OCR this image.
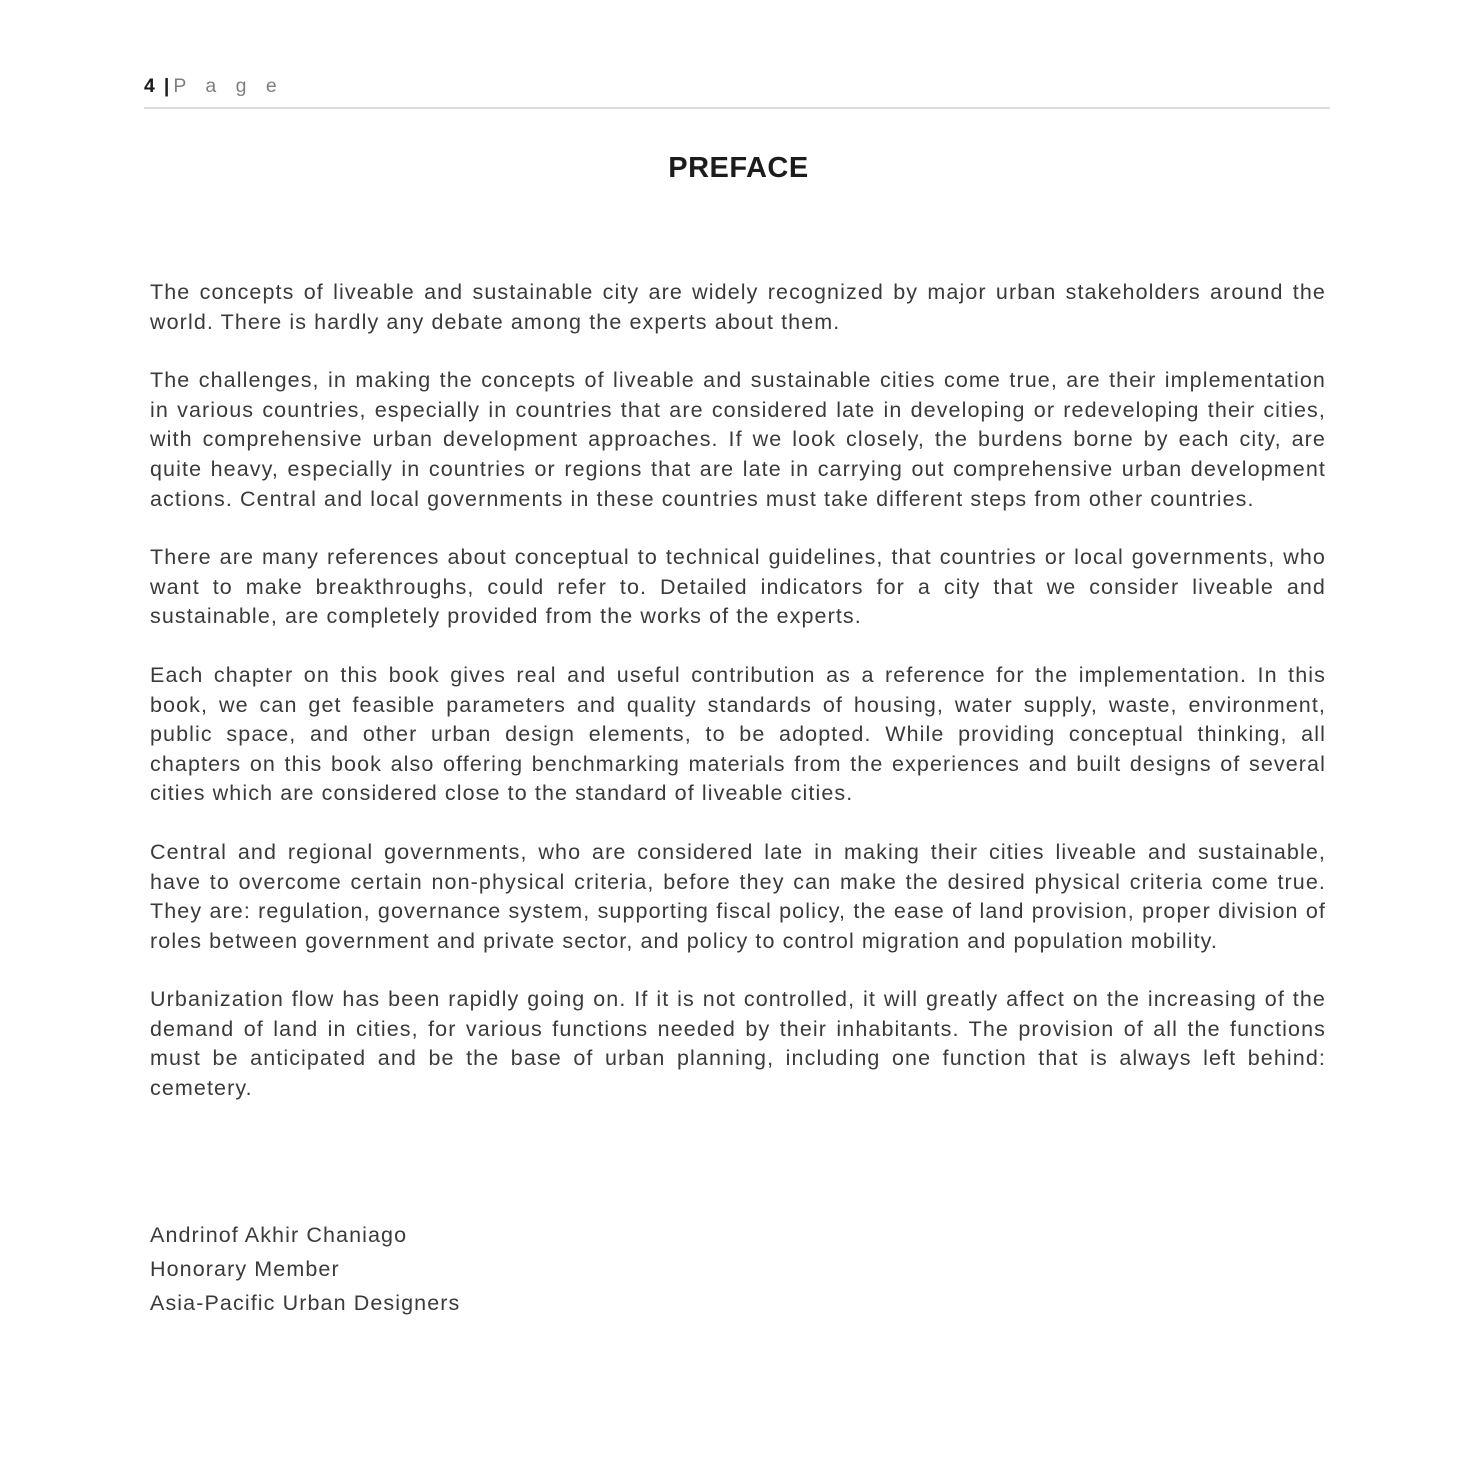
4 | P a g e
PREFACE

The concepts of liveable and sustainable city are widely recognized by major urban stakeholders around the world. There is hardly any debate among the experts about them.

The challenges, in making the concepts of liveable and sustainable cities come true, are their implementation in various countries, especially in countries that are considered late in developing or redeveloping their cities, with comprehensive urban development approaches. If we look closely, the burdens borne by each city, are quite heavy, especially in countries or regions that are late in carrying out comprehensive urban development actions. Central and local governments in these countries must take different steps from other countries.

There are many references about conceptual to technical guidelines, that countries or local governments, who want to make breakthroughs, could refer to. Detailed indicators for a city that we consider liveable and sustainable, are completely provided from the works of the experts.

Each chapter on this book gives real and useful contribution as a reference for the implementation. In this book, we can get feasible parameters and quality standards of housing, water supply, waste, environment, public space, and other urban design elements, to be adopted. While providing conceptual thinking, all chapters on this book also offering benchmarking materials from the experiences and built designs of several cities which are considered close to the standard of liveable cities.

Central and regional governments, who are considered late in making their cities liveable and sustainable, have to overcome certain non-physical criteria, before they can make the desired physical criteria come true. They are: regulation, governance system, supporting fiscal policy, the ease of land provision, proper division of roles between government and private sector, and policy to control migration and population mobility.

Urbanization flow has been rapidly going on. If it is not controlled, it will greatly affect on the increasing of the demand of land in cities, for various functions needed by their inhabitants. The provision of all the functions must be anticipated and be the base of urban planning, including one function that is always left behind: cemetery.

Andrinof Akhir Chaniago

Honorary Member

Asia-Pacific Urban Designers
